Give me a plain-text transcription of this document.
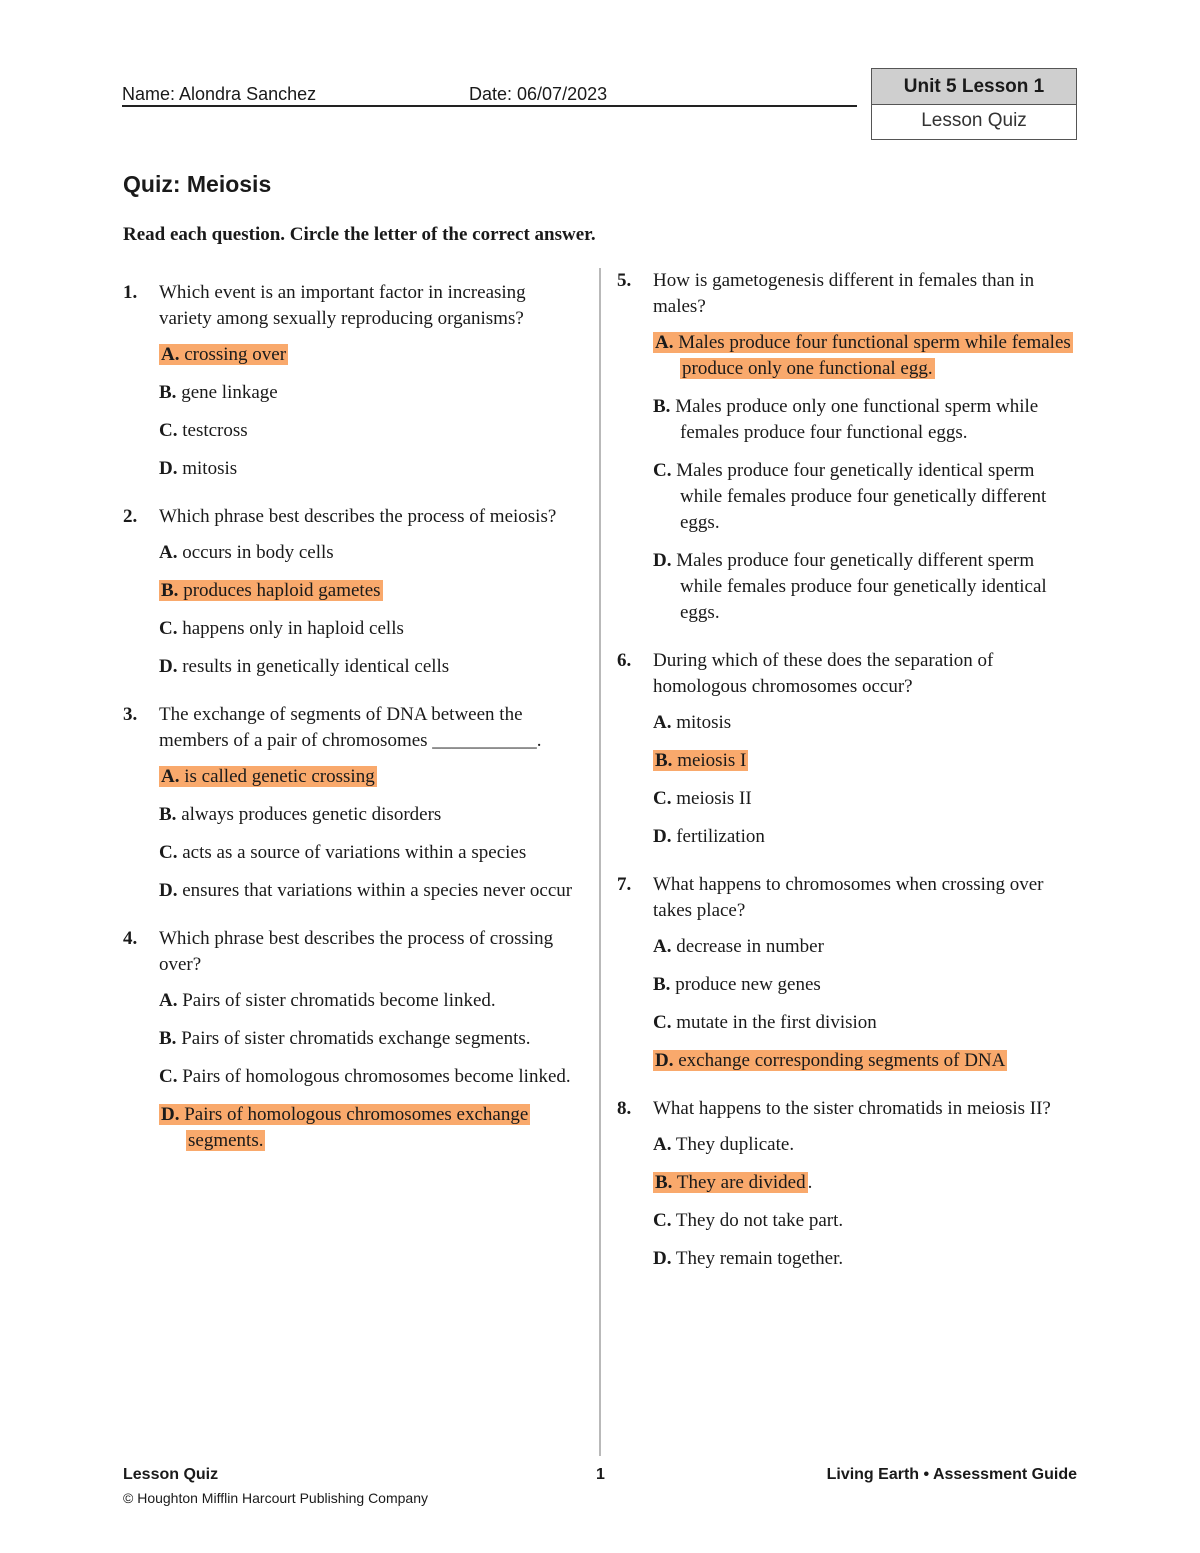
Name: Alondra Sanchez	Date: 06/07/2023	Unit 5 Lesson 1
Lesson Quiz
Quiz: Meiosis
Read each question. Circle the letter of the correct answer.
1. Which event is an important factor in increasing variety among sexually reproducing organisms?
A. crossing over
B. gene linkage
C. testcross
D. mitosis
2. Which phrase best describes the process of meiosis?
A. occurs in body cells
B. produces haploid gametes
C. happens only in haploid cells
D. results in genetically identical cells
3. The exchange of segments of DNA between the members of a pair of chromosomes ___________.
A. is called genetic crossing
B. always produces genetic disorders
C. acts as a source of variations within a species
D. ensures that variations within a species never occur
4. Which phrase best describes the process of crossing over?
A. Pairs of sister chromatids become linked.
B. Pairs of sister chromatids exchange segments.
C. Pairs of homologous chromosomes become linked.
D. Pairs of homologous chromosomes exchange segments.
5. How is gametogenesis different in females than in males?
A. Males produce four functional sperm while females produce only one functional egg.
B. Males produce only one functional sperm while females produce four functional eggs.
C. Males produce four genetically identical sperm while females produce four genetically different eggs.
D. Males produce four genetically different sperm while females produce four genetically identical eggs.
6. During which of these does the separation of homologous chromosomes occur?
A. mitosis
B. meiosis I
C. meiosis II
D. fertilization
7. What happens to chromosomes when crossing over takes place?
A. decrease in number
B. produce new genes
C. mutate in the first division
D. exchange corresponding segments of DNA
8. What happens to the sister chromatids in meiosis II?
A. They duplicate.
B. They are divided .
C. They do not take part.
D. They remain together.
Lesson Quiz	1	Living Earth • Assessment Guide
© Houghton Mifflin Harcourt Publishing Company
